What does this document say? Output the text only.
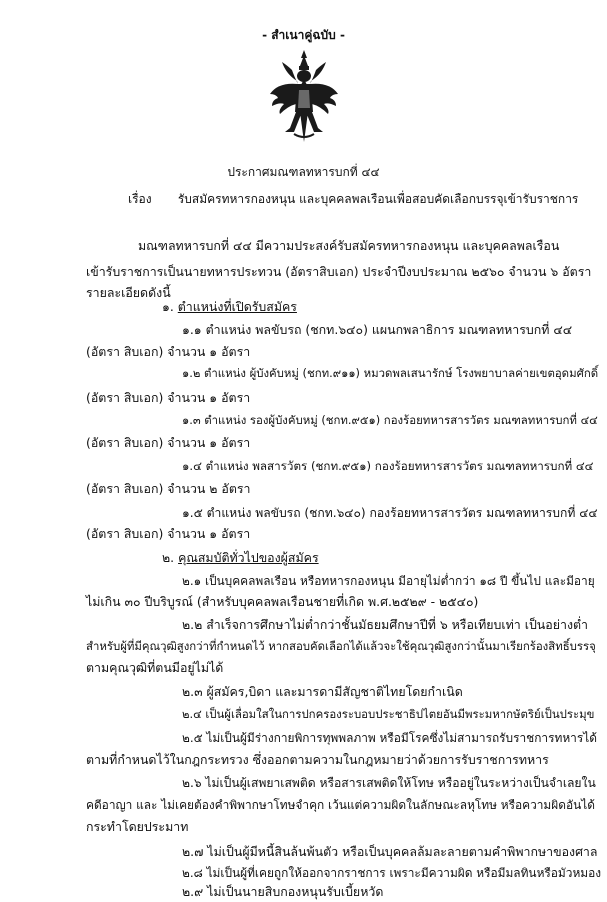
- สำเนาคู่ฉบับ -
ประกาศมณฑลทหารบกที่ ๔๔
เรื่อง รับสมัครทหารกองหนุน และบุคคลพลเรือนเพื่อสอบคัดเลือกบรรจุเข้ารับราชการ
มณฑลทหารบกที่ ๔๔ มีความประสงค์รับสมัครทหารกองหนุน และบุคคลพลเรือน
เข้ารับราชการเป็นนายทหารประทวน (อัตราสิบเอก) ประจำปีงบประมาณ ๒๕๖๐ จำนวน ๖ อัตรา
รายละเอียดดังนี้
๑. ตำแหน่งที่เปิดรับสมัคร
๑.๑ ตำแหน่ง พลขับรถ (ชกท.๖๔๐) แผนกพลาธิการ มณฑลทหารบกที่ ๔๔
(อัตรา สิบเอก) จำนวน ๑ อัตรา
๑.๒ ตำแหน่ง ผู้บังคับหมู่ (ชกท.๙๑๑) หมวดพลเสนารักษ์ โรงพยาบาลค่ายเขตอุดมศักดิ์
(อัตรา สิบเอก) จำนวน ๑ อัตรา
๑.๓ ตำแหน่ง รองผู้บังคับหมู่ (ชกท.๙๕๑) กองร้อยทหารสารวัตร มณฑลทหารบกที่ ๔๔
(อัตรา สิบเอก) จำนวน ๑ อัตรา
๑.๔ ตำแหน่ง พลสารวัตร (ชกท.๙๕๑) กองร้อยทหารสารวัตร มณฑลทหารบกที่ ๔๔
(อัตรา สิบเอก) จำนวน ๒ อัตรา
๑.๕ ตำแหน่ง พลขับรถ (ชกท.๖๔๐) กองร้อยทหารสารวัตร มณฑลทหารบกที่ ๔๔
(อัตรา สิบเอก) จำนวน ๑ อัตรา
๒. คุณสมบัติทั่วไปของผู้สมัคร
๒.๑ เป็นบุคคลพลเรือน หรือทหารกองหนุน มีอายุไม่ต่ำกว่า ๑๘ ปี ขึ้นไป และมีอายุ
ไม่เกิน ๓๐ ปีบริบูรณ์ (สำหรับบุคคลพลเรือนชายที่เกิด พ.ศ.๒๕๒๙ - ๒๕๔๐)
๒.๒ สำเร็จการศึกษาไม่ต่ำกว่าชั้นมัธยมศึกษาปีที่ ๖ หรือเทียบเท่า เป็นอย่างต่ำ
สำหรับผู้ที่มีคุณวุฒิสูงกว่าที่กำหนดไว้ หากสอบคัดเลือกได้แล้วจะใช้คุณวุฒิสูงกว่านั้นมาเรียกร้องสิทธิ์บรรจุ
ตามคุณวุฒิที่ตนมีอยู่ไม่ได้
๒.๓ ผู้สมัคร,บิดา และมารดามีสัญชาติไทยโดยกำเนิด
๒.๔ เป็นผู้เลื่อมใสในการปกครองระบอบประชาธิปไตยอันมีพระมหากษัตริย์เป็นประมุข
๒.๕ ไม่เป็นผู้มีร่างกายพิการทุพพลภาพ หรือมีโรคซึ่งไม่สามารถรับราชการทหารได้
ตามที่กำหนดไว้ในกฎกระทรวง ซึ่งออกตามความในกฎหมายว่าด้วยการรับราชการทหาร
๒.๖ ไม่เป็นผู้เสพยาเสพติด หรือสารเสพติดให้โทษ หรืออยู่ในระหว่างเป็นจำเลยใน
คดีอาญา และ ไม่เคยต้องคำพิพากษาโทษจำคุก เว้นแต่ความผิดในลักษณะลหุโทษ หรือความผิดอันได้
กระทำโดยประมาท
๒.๗ ไม่เป็นผู้มีหนี้สินล้นพ้นตัว หรือเป็นบุคคลล้มละลายตามคำพิพากษาของศาล
๒.๘ ไม่เป็นผู้ที่เคยถูกให้ออกจากราชการ เพราะมีความผิด หรือมีมลทินหรือมัวหมอง
๒.๙ ไม่เป็นนายสิบกองหนุนรับเบี้ยหวัด
